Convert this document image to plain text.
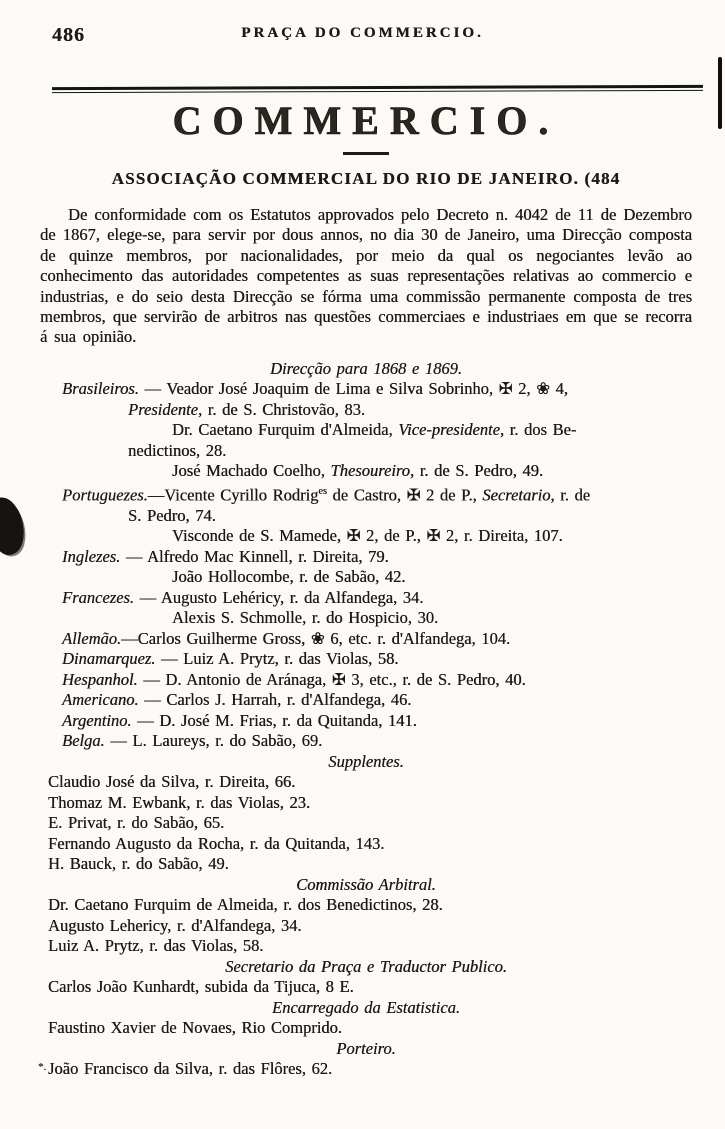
486	PRAÇA DO COMMERCIO.
COMMERCIO.
ASSOCIAÇÃO COMMERCIAL DO RIO DE JANEIRO. (484

De conformidade com os Estatutos approvados pelo Decreto n. 4042 de 11 de Dezembro de 1867, elege-se, para servir por dous annos, no dia 30 de Janeiro, uma Direcção composta de quinze membros, por nacionalidades, por meio da qual os negociantes levão ao conhecimento das autoridades competentes as suas representações relativas ao commercio e industrias, e do seio desta Direcção se fórma uma commissão permanente composta de tres membros, que servirão de arbitros nas questões commerciaes e industriaes em que se recorra á sua opinião.

Direcção para 1868 e 1869.
Brasileiros. — Veador José Joaquim de Lima e Silva Sobrinho, ✠ 2, ❀ 4,
Presidente, r. de S. Christovão, 83.
Dr. Caetano Furquim d'Almeida, Vice-presidente, r. dos Be-
nedictinos, 28.
José Machado Coelho, Thesoureiro, r. de S. Pedro, 49.
Portuguezes.—Vicente Cyrillo Rodrig$^{es}$ de Castro, ✠ 2 de P., Secretario, r. de
S. Pedro, 74.
Visconde de S. Mamede, ✠ 2, de P., ✠ 2, r. Direita, 107.
Inglezes. — Alfredo Mac Kinnell, r. Direita, 79.
João Hollocombe, r. de Sabão, 42.
Francezes. — Augusto Lehéricy, r. da Alfandega, 34.
Alexis S. Schmolle, r. do Hospicio, 30.
Allemão.—Carlos Guilherme Gross, ❀ 6, etc. r. d'Alfandega, 104.
Dinamarquez. — Luiz A. Prytz, r. das Violas, 58.
Hespanhol. — D. Antonio de Aránaga, ✠ 3, etc., r. de S. Pedro, 40.
Americano. — Carlos J. Harrah, r. d'Alfandega, 46.
Argentino. — D. José M. Frias, r. da Quitanda, 141.
Belga. — L. Laureys, r. do Sabão, 69.
Supplentes.
Claudio José da Silva, r. Direita, 66.
Thomaz M. Ewbank, r. das Violas, 23.
E. Privat, r. do Sabão, 65.
Fernando Augusto da Rocha, r. da Quitanda, 143.
H. Bauck, r. do Sabão, 49.
Commissão Arbitral.
Dr. Caetano Furquim de Almeida, r. dos Benedictinos, 28.
Augusto Lehericy, r. d'Alfandega, 34.
Luiz A. Prytz, r. das Violas, 58.
Secretario da Praça e Traductor Publico.
Carlos João Kunhardt, subida da Tijuca, 8 E.
Encarregado da Estatistica.
Faustino Xavier de Novaes, Rio Comprido.
Porteiro.
João Francisco da Silva, r. das Flôres, 62.
*.
